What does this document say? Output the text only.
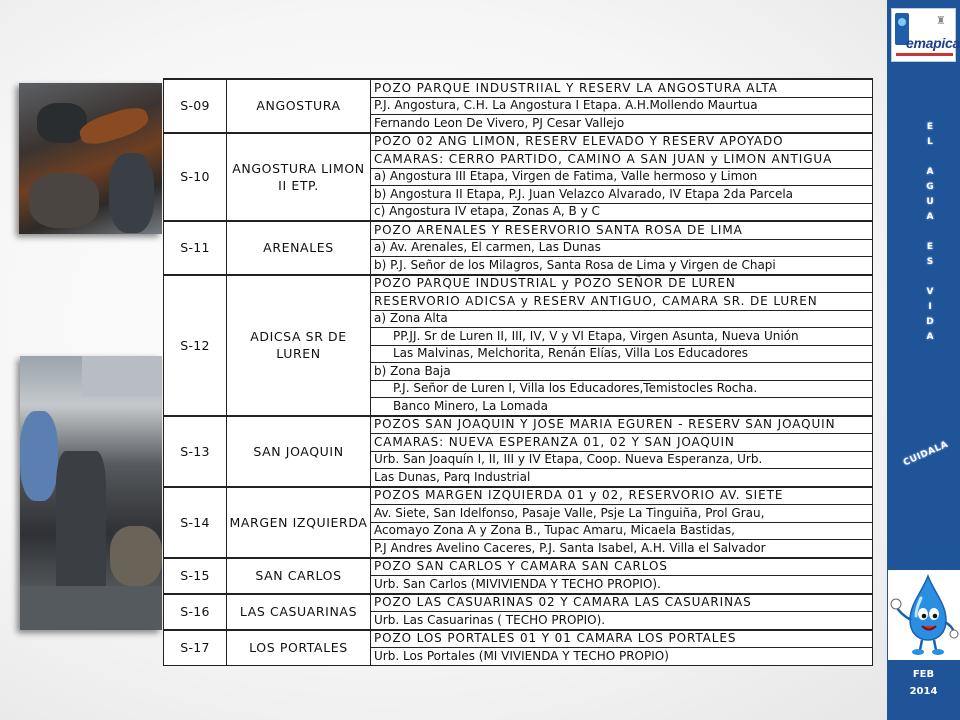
♜
emapica
E
L
A
G
U
A
E
S
V
I
D
A
CUIDALA
FEB
2014
S-09	ANGOSTURA	POZO PARQUE INDUSTRIIAL Y RESERV LA ANGOSTURA ALTA
		P.J. Angostura, C.H. La Angostura I Etapa. A.H.Mollendo Maurtua
		Fernando Leon De Vivero, PJ Cesar Vallejo
S-10	ANGOSTURA LIMON II ETP.	POZO 02 ANG LIMON, RESERV ELEVADO Y RESERV APOYADO
		CAMARAS: CERRO PARTIDO, CAMINO A SAN JUAN y LIMON ANTIGUA
		a) Angostura III Etapa, Virgen de Fatima, Valle hermoso y Limon
		b) Angostura II Etapa, P.J. Juan Velazco Alvarado, IV Etapa 2da Parcela
		c) Angostura IV etapa, Zonas A, B y C
S-11	ARENALES	POZO ARENALES Y RESERVORIO SANTA ROSA DE LIMA
		a) Av. Arenales, El carmen, Las Dunas
		b) P.J. Señor de los Milagros, Santa Rosa de Lima y Virgen de Chapi
S-12	ADICSA SR DE LUREN	POZO PARQUE INDUSTRIAL y POZO SEÑOR DE LUREN
		RESERVORIO ADICSA y RESERV ANTIGUO, CAMARA SR. DE LUREN
		a) Zona Alta
		PP.JJ. Sr de Luren II, III, IV, V y VI Etapa, Virgen Asunta, Nueva Unión
		Las Malvinas, Melchorita, Renán Elías, Villa Los Educadores
		b) Zona Baja
		P.J. Señor de Luren I, Villa los Educadores,Temistocles Rocha.
		Banco Minero, La Lomada
S-13	SAN JOAQUIN	POZOS SAN JOAQUIN Y JOSE MARIA EGUREN - RESERV SAN JOAQUIN
		CAMARAS: NUEVA ESPERANZA 01, 02 Y SAN JOAQUIN
		Urb. San Joaquín I, II, III y IV Etapa, Coop. Nueva Esperanza, Urb.
		Las Dunas, Parq Industrial
S-14	MARGEN IZQUIERDA	POZOS MARGEN IZQUIERDA 01 y 02, RESERVORIO AV. SIETE
		Av. Siete, San Idelfonso, Pasaje Valle, Psje La Tinguiña, Prol Grau,
		Acomayo Zona A y Zona B., Tupac Amaru, Micaela Bastidas,
		P.J Andres Avelino Caceres, P.J. Santa Isabel, A.H. Villa el Salvador
S-15	SAN CARLOS	POZO SAN CARLOS Y CAMARA SAN CARLOS
		Urb. San Carlos (MIVIVIENDA Y TECHO PROPIO).
S-16	LAS CASUARINAS	POZO LAS CASUARINAS 02 Y CAMARA LAS CASUARINAS
		Urb. Las Casuarinas ( TECHO PROPIO).
S-17	LOS PORTALES	POZO LOS PORTALES 01 Y 01 CAMARA LOS PORTALES
		Urb. Los Portales (MI VIVIENDA Y TECHO PROPIO)
